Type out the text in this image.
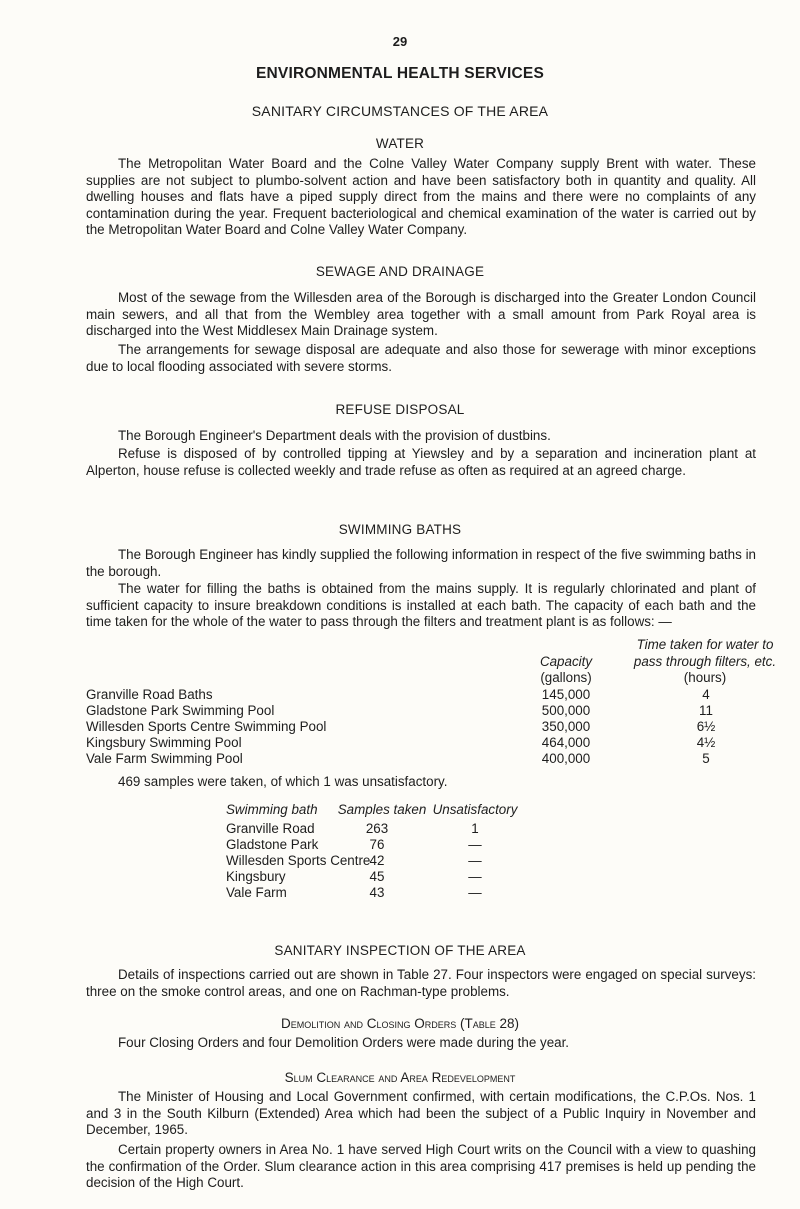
29
ENVIRONMENTAL HEALTH SERVICES
SANITARY CIRCUMSTANCES OF THE AREA
WATER

The Metropolitan Water Board and the Colne Valley Water Company supply Brent with water. These supplies are not subject to plumbo-solvent action and have been satisfactory both in quantity and quality. All dwelling houses and flats have a piped supply direct from the mains and there were no complaints of any contamination during the year. Frequent bacteriological and chemical examination of the water is carried out by the Metropolitan Water Board and Colne Valley Water Company.

SEWAGE AND DRAINAGE

Most of the sewage from the Willesden area of the Borough is discharged into the Greater London Council main sewers, and all that from the Wembley area together with a small amount from Park Royal area is discharged into the West Middlesex Main Drainage system.

The arrangements for sewage disposal are adequate and also those for sewerage with minor exceptions due to local flooding associated with severe storms.

REFUSE DISPOSAL

The Borough Engineer's Department deals with the provision of dustbins.

Refuse is disposed of by controlled tipping at Yiewsley and by a separation and incineration plant at Alperton, house refuse is collected weekly and trade refuse as often as required at an agreed charge.

SWIMMING BATHS

The Borough Engineer has kindly supplied the following information in respect of the five swimming baths in the borough.

The water for filling the baths is obtained from the mains supply. It is regularly chlorinated and plant of sufficient capacity to insure breakdown conditions is installed at each bath. The capacity of each bath and the time taken for the whole of the water to pass through the filters and treatment plant is as follows: —

Capacity
(gallons)
Time taken for water to
pass through filters, etc.
(hours)
Granville Road Baths	145,000	4
Gladstone Park Swimming Pool	500,000	11
Willesden Sports Centre Swimming Pool	350,000	6½
Kingsbury Swimming Pool	464,000	4½
Vale Farm Swimming Pool	400,000	5
469 samples were taken, of which 1 was unsatisfactory.
Swimming bath	Samples taken Unsatisfactory
Granville Road	263	1
Gladstone Park	76	—
Willesden Sports Centre 42	—
Kingsbury	45	—
Vale Farm	43	—
SANITARY INSPECTION OF THE AREA

Details of inspections carried out are shown in Table 27. Four inspectors were engaged on special surveys: three on the smoke control areas, and one on Rachman-type problems.

Demolition and Closing Orders (Table 28)

Four Closing Orders and four Demolition Orders were made during the year.

Slum Clearance and Area Redevelopment

The Minister of Housing and Local Government confirmed, with certain modifications, the C.P.Os. Nos. 1 and 3 in the South Kilburn (Extended) Area which had been the subject of a Public Inquiry in November and December, 1965.

Certain property owners in Area No. 1 have served High Court writs on the Council with a view to quashing the confirmation of the Order. Slum clearance action in this area comprising 417 premises is held up pending the decision of the High Court.
